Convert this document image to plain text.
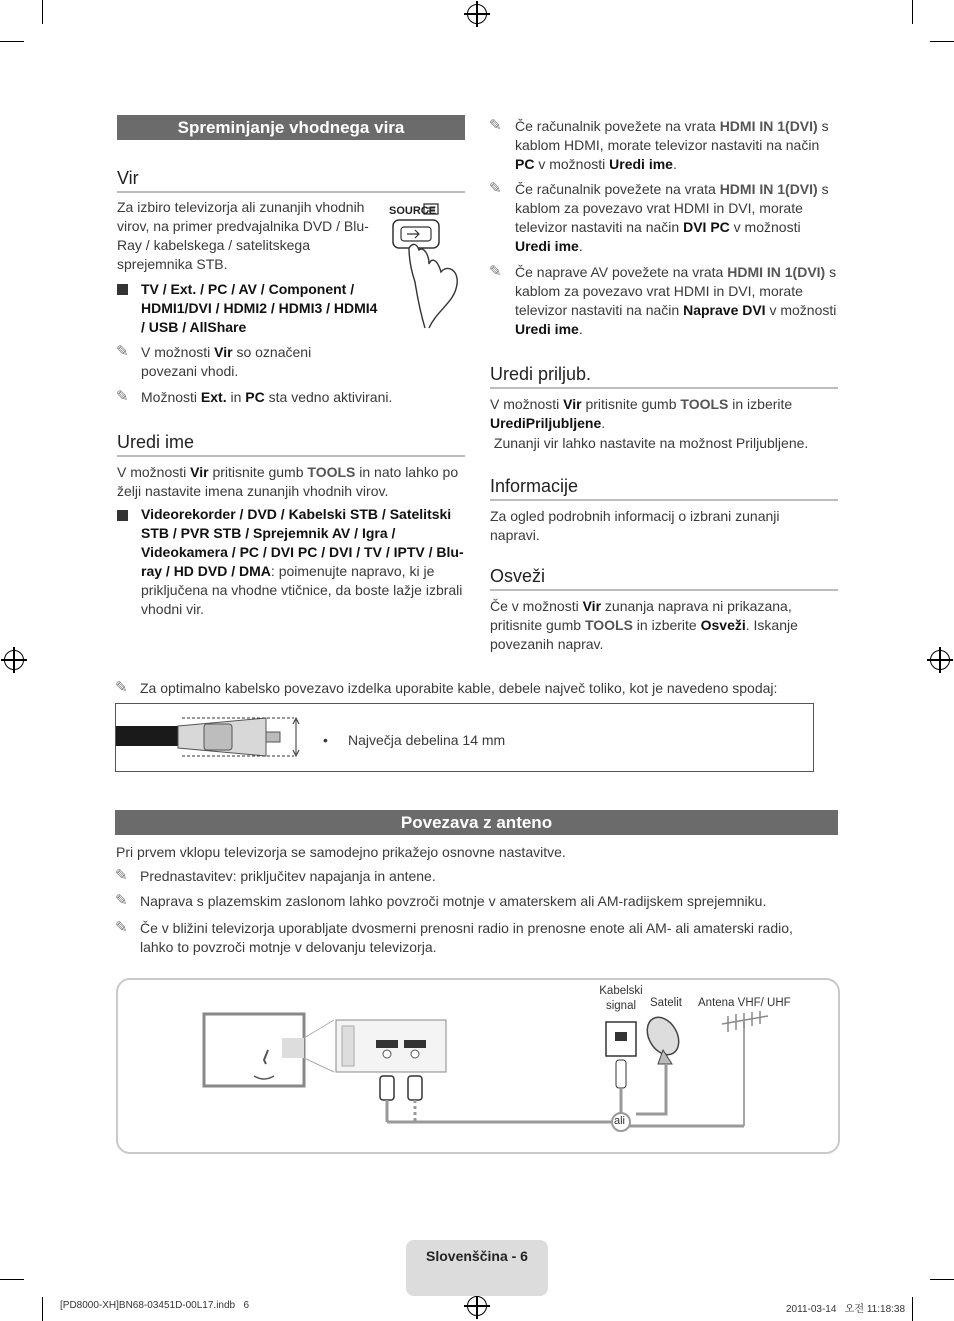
Spreminjanje vhodnega vira
Vir
Za izbiro televizorja ali zunanjih vhodnih virov, na primer predvajalnika DVD / Blu-Ray / kabelskega / satelitskega sprejemnika STB.
SOURCE
TV / Ext. / PC / AV / Component / HDMI1/DVI / HDMI2 / HDMI3 / HDMI4 / USB / AllShare
✎ V možnosti Vir so označeni povezani vhodi.
✎ Možnosti Ext. in PC sta vedno aktivirani.
Uredi ime
V možnosti Vir pritisnite gumb TOOLS in nato lahko po želji nastavite imena zunanjih vhodnih virov.
Videorekorder / DVD / Kabelski STB / Satelitski STB / PVR STB / Sprejemnik AV / Igra / Videokamera / PC / DVI PC / DVI / TV / IPTV / Blu- ray / HD DVD / DMA: poimenujte napravo, ki je priključena na vhodne vtičnice, da boste lažje izbrali vhodni vir.
✎ Če računalnik povežete na vrata HDMI IN 1(DVI) s kablom HDMI, morate televizor nastaviti na način PC v možnosti Uredi ime.
✎ Če računalnik povežete na vrata HDMI IN 1(DVI) s kablom za povezavo vrat HDMI in DVI, morate televizor nastaviti na način DVI PC v možnosti Uredi ime.
✎ Če naprave AV povežete na vrata HDMI IN 1(DVI) s kablom za povezavo vrat HDMI in DVI, morate televizor nastaviti na način Naprave DVI v možnosti Uredi ime.
Uredi priljub.
V možnosti Vir pritisnite gumb TOOLS in izberite UrediPriljubljene.
Zunanji vir lahko nastavite na možnost Priljubljene.
Informacije
Za ogled podrobnih informacij o izbrani zunanji napravi.
Osveži
Če v možnosti Vir zunanja naprava ni prikazana, pritisnite gumb TOOLS in izberite Osveži. Iskanje povezanih naprav.
✎ Za optimalno kabelsko povezavo izdelka uporabite kable, debele največ toliko, kot je navedeno spodaj:
• Največja debelina 14 mm
Povezava z anteno
Pri prvem vklopu televizorja se samodejno prikažejo osnovne nastavitve.
✎ Prednastavitev: priključitev napajanja in antene.
✎ Naprava s plazemskim zaslonom lahko povzroči motnje v amaterskem ali AM-radijskem sprejemniku.
✎ Če v bližini televizorja uporabljate dvosmerni prenosni radio in prenosne enote ali AM- ali amaterski radio, lahko to povzroči motnje v delovanju televizorja.
Kabelski
signal	Satelit Antena VHF/ UHF
ali
Slovenščina - 6
[PD8000-XH]BN68-03451D-00L17.indb   6	2011-03-14   오전 11:18:38
